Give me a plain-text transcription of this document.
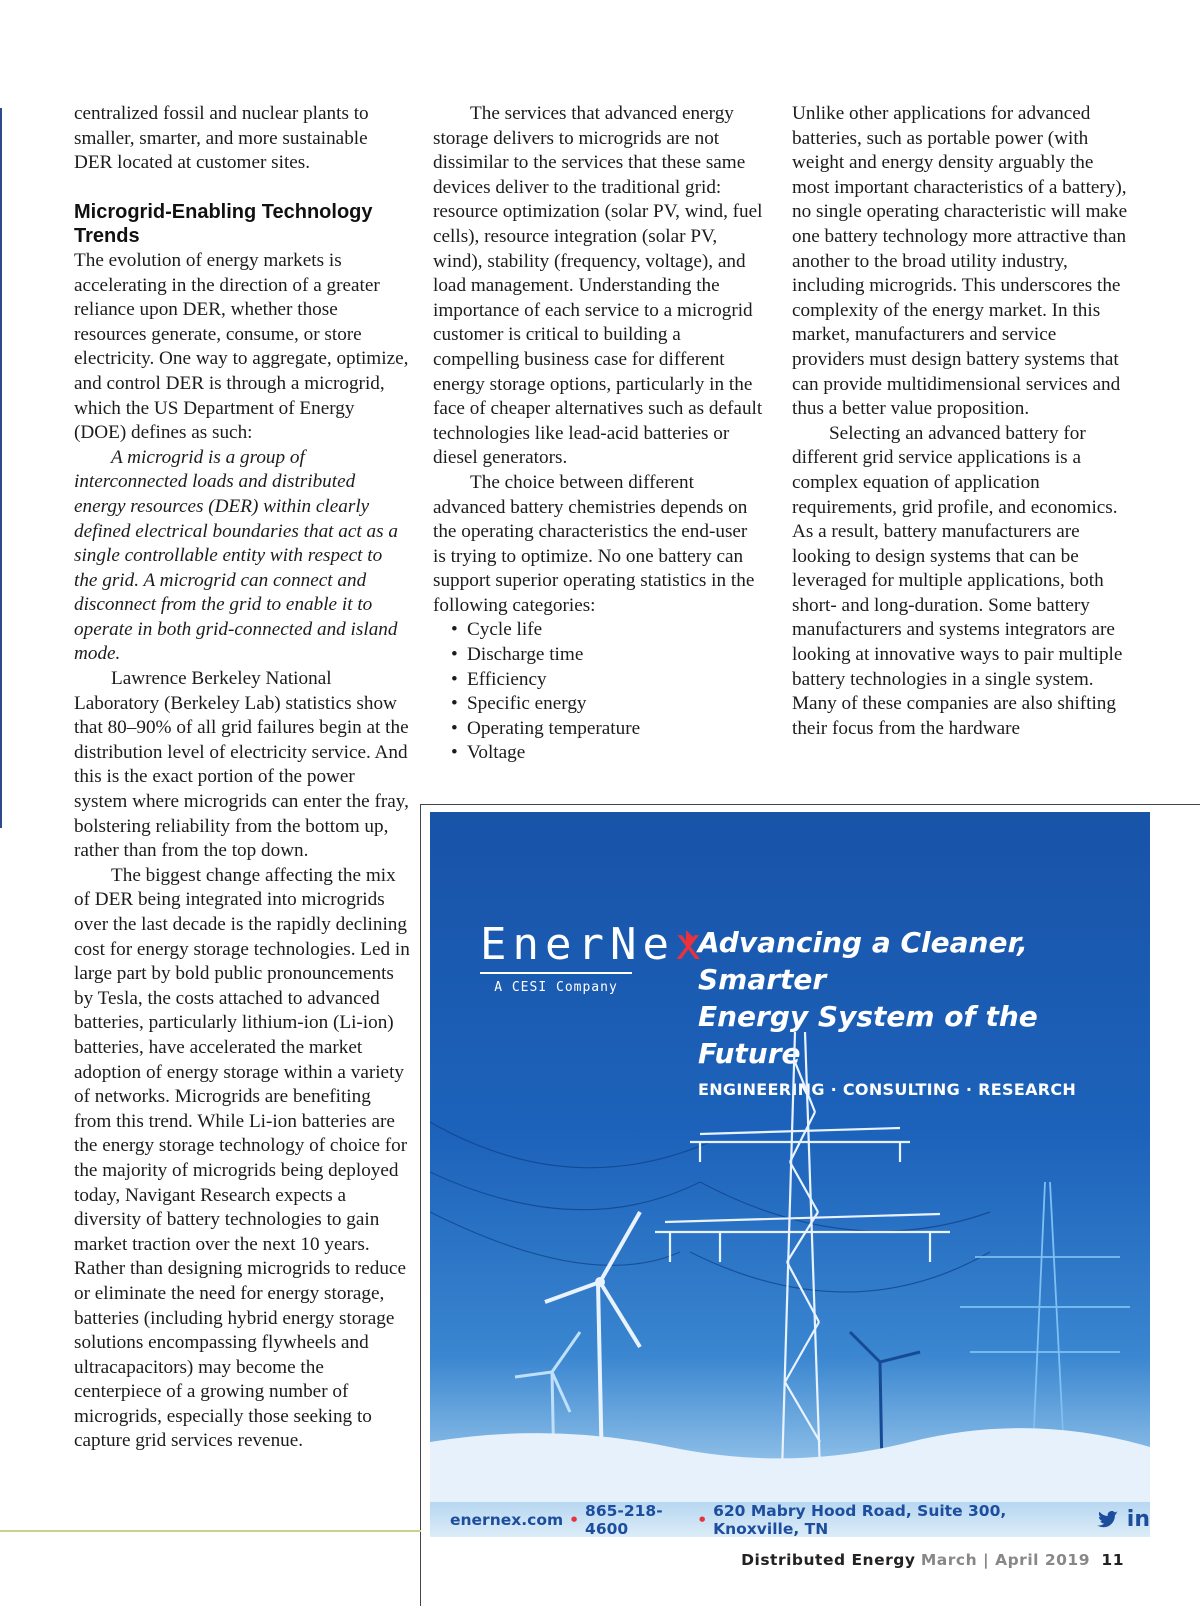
centralized fossil and nuclear plants to smaller, smarter, and more sustainable DER located at customer sites.

Microgrid-Enabling Technology Trends

The evolution of energy markets is accelerating in the direction of a greater reliance upon DER, whether those resources generate, consume, or store electricity. One way to aggregate, optimize, and control DER is through a microgrid, which the US Department of Energy (DOE) defines as such:

A microgrid is a group of interconnected loads and distributed energy resources (DER) within clearly defined electrical boundaries that act as a single controllable entity with respect to the grid. A microgrid can connect and disconnect from the grid to enable it to operate in both grid-connected and island mode.

Lawrence Berkeley National Laboratory (Berkeley Lab) statistics show that 80–90% of all grid failures begin at the distribution level of electricity service. And this is the exact portion of the power system where microgrids can enter the fray, bolstering reliability from the bottom up, rather than from the top down.

The biggest change affecting the mix of DER being integrated into microgrids over the last decade is the rapidly declining cost for energy storage technologies. Led in large part by bold public pronouncements by Tesla, the costs attached to advanced batteries, particularly lithium-ion (Li-ion) batteries, have accelerated the market adoption of energy storage within a variety of networks. Microgrids are benefiting from this trend. While Li-ion batteries are the energy storage technology of choice for the majority of microgrids being deployed today, Navigant Research expects a diversity of battery technologies to gain market traction over the next 10 years. Rather than designing microgrids to reduce or eliminate the need for energy storage, batteries (including hybrid energy storage solutions encompassing flywheels and ultracapacitors) may become the centerpiece of a growing number of microgrids, especially those seeking to capture grid services revenue.

The services that advanced energy storage delivers to microgrids are not dissimilar to the services that these same devices deliver to the traditional grid: resource optimization (solar PV, wind, fuel cells), resource integration (solar PV, wind), stability (frequency, voltage), and load management. Understanding the importance of each service to a microgrid customer is critical to building a compelling business case for different energy storage options, particularly in the face of cheaper alternatives such as default technologies like lead-acid batteries or diesel generators.

The choice between different advanced battery chemistries depends on the operating characteristics the end-user is trying to optimize. No one battery can support superior operating statistics in the following categories:

• Cycle life
• Discharge time
• Efficiency
• Specific energy
• Operating temperature
• Voltage

Unlike other applications for advanced batteries, such as portable power (with weight and energy density arguably the most important characteristics of a battery), no single operating characteristic will make one battery technology more attractive than another to the broad utility industry, including microgrids. This underscores the complexity of the energy market. In this market, manufacturers and service providers must design battery systems that can provide multidimensional services and thus a better value proposition.

Selecting an advanced battery for different grid service applications is a complex equation of application requirements, grid profile, and economics. As a result, battery manufacturers are looking to design systems that can be leveraged for multiple applications, both short- and long-duration. Some battery manufacturers and systems integrators are looking at innovative ways to pair multiple battery technologies in a single system. Many of these companies are also shifting their focus from the hardware

EnerNex
A CESI Company
Advancing a Cleaner, Smarter
Energy System of the Future
ENGINEERING · CONSULTING · RESEARCH
enernex.com • 865-218-4600	• 620 Mabry Hood Road, Suite 300, Knoxville, TN	in
Distributed Energy March | April 2019 11
